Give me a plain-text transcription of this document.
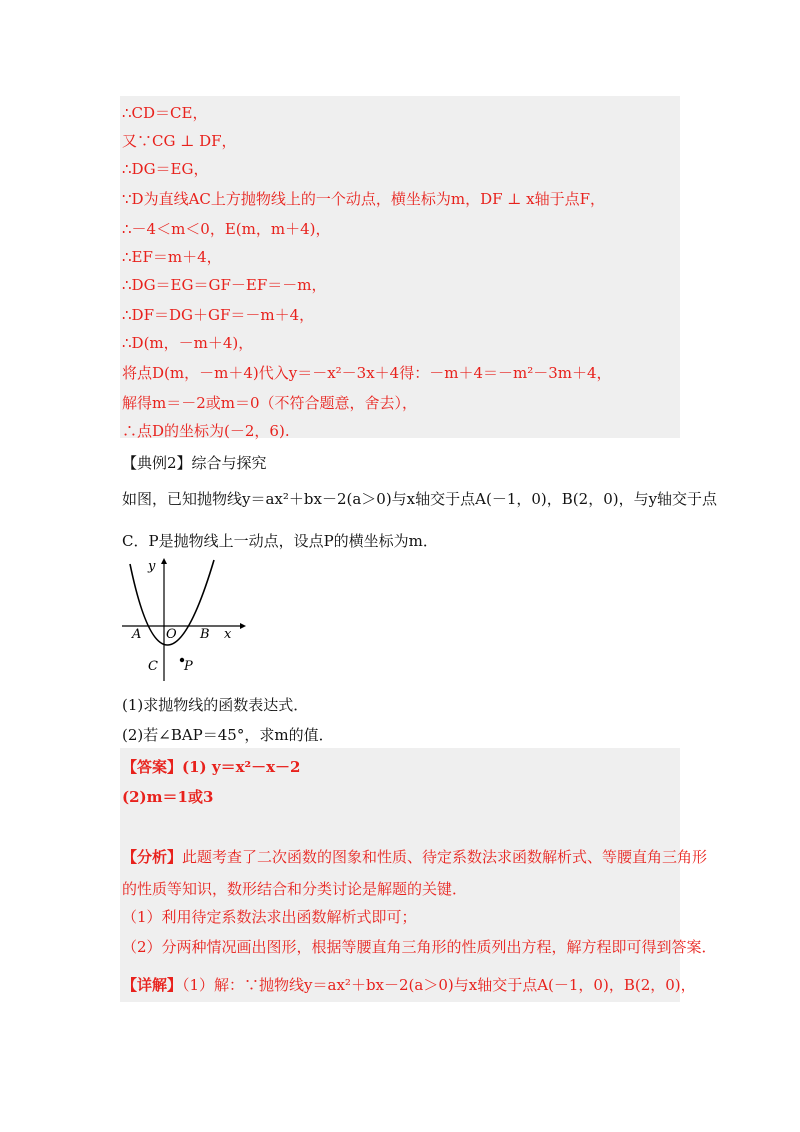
∴CD＝CE，
又∵CG ⊥ DF，
∴DG＝EG，
∵D为直线AC上方抛物线上的一个动点，横坐标为m，DF ⊥ x轴于点F，
∴－4＜m＜0，E(m，m＋4)，
∴EF＝m＋4，
∴DG＝EG＝GF－EF＝－m，
∴DF＝DG＋GF＝－m＋4，
∴D(m，－m＋4)，
将点D(m，－m＋4)代入y＝－x²－3x＋4得：－m＋4＝－m²－3m＋4，
解得m＝－2或m＝0（不符合题意，舍去），
∴点D的坐标为(－2，6).
【典例2】综合与探究
如图，已知抛物线y＝ax²＋bx－2(a＞0)与x轴交于点A(－1，0)，B(2，0)，与y轴交于点
C．P是抛物线上一动点，设点P的横坐标为m．
y
x
A O B
C P
(1)求抛物线的函数表达式．
(2)若∠BAP＝45°，求m的值．
【答案】(1) y＝x²－x－2
(2)m＝1或3
【分析】此题考查了二次函数的图象和性质、待定系数法求函数解析式、等腰直角三角形
的性质等知识，数形结合和分类讨论是解题的关键．
（1）利用待定系数法求出函数解析式即可；
（2）分两种情况画出图形，根据等腰直角三角形的性质列出方程，解方程即可得到答案．
【详解】（1）解：∵抛物线y＝ax²＋bx－2(a＞0)与x轴交于点A(－1，0)，B(2，0)，
